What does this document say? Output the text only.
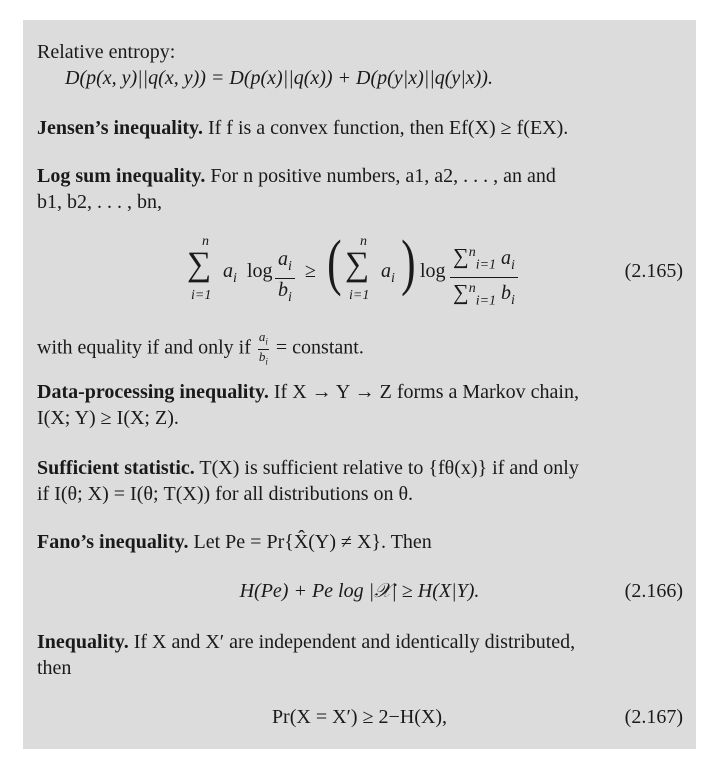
Relative entropy:
D(p(x, y)||q(x, y)) = D(p(x)||q(x)) + D(p(y|x)||q(y|x)).
Jensen’s inequality. If f is a convex function, then Ef(X) ≥ f(EX).
Log sum inequality. For n positive numbers, a1, a2, . . . , an and
b1, b2, . . . , bn,
n
∑
i=1
$a_i$ $\log \frac{a_i}{b_i}$ ≥ ( n
∑
i=1
$a_i$ ) $\log \frac{\sum^n_{i=1} a_i}{\sum^n_{i=1} b_i}$	(2.165)
with equality if and only if $\frac{a_i}{b_i}$ = constant.
Data-processing inequality. If X → Y → Z forms a Markov chain,
I(X; Y) ≥ I(X; Z).
Sufficient statistic. T(X) is sufficient relative to {fθ(x)} if and only
if I(θ; X) = I(θ; T(X)) for all distributions on θ.
Fano’s inequality. Let Pe = Pr{X̂(Y) ≠ X}. Then
H(Pe) + Pe log |𝒳| ≥ H(X|Y).	(2.166)
Inequality. If X and X′ are independent and identically distributed,
then
Pr(X = X′) ≥ 2−H(X),	(2.167)
